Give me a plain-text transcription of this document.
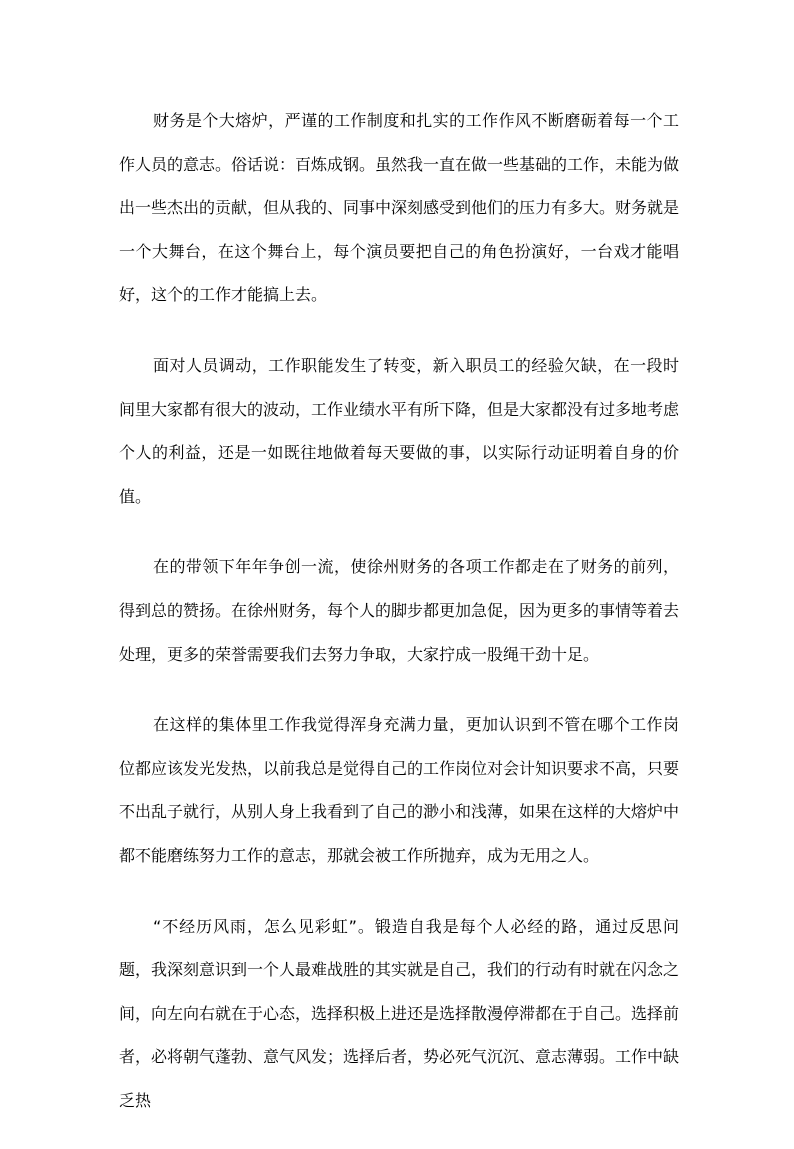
财务是个大熔炉，严谨的工作制度和扎实的工作作风不断磨砺着每一个工作人员的意志。俗话说：百炼成钢。虽然我一直在做一些基础的工作，未能为做出一些杰出的贡献，但从我的、同事中深刻感受到他们的压力有多大。财务就是一个大舞台，在这个舞台上，每个演员要把自己的角色扮演好，一台戏才能唱好，这个的工作才能搞上去。

面对人员调动，工作职能发生了转变，新入职员工的经验欠缺，在一段时间里大家都有很大的波动，工作业绩水平有所下降，但是大家都没有过多地考虑个人的利益，还是一如既往地做着每天要做的事，以实际行动证明着自身的价值。

在的带领下年年争创一流，使徐州财务的各项工作都走在了财务的前列，得到总的赞扬。在徐州财务，每个人的脚步都更加急促，因为更多的事情等着去处理，更多的荣誉需要我们去努力争取，大家拧成一股绳干劲十足。

在这样的集体里工作我觉得浑身充满力量，更加认识到不管在哪个工作岗位都应该发光发热，以前我总是觉得自己的工作岗位对会计知识要求不高，只要不出乱子就行，从别人身上我看到了自己的渺小和浅薄，如果在这样的大熔炉中都不能磨练努力工作的意志，那就会被工作所抛弃，成为无用之人。

“不经历风雨，怎么见彩虹”。锻造自我是每个人必经的路，通过反思问题，我深刻意识到一个人最难战胜的其实就是自己，我们的行动有时就在闪念之间，向左向右就在于心态，选择积极上进还是选择散漫停滞都在于自己。选择前者，必将朝气蓬勃、意气风发；选择后者，势必死气沉沉、意志薄弱。工作中缺乏热
